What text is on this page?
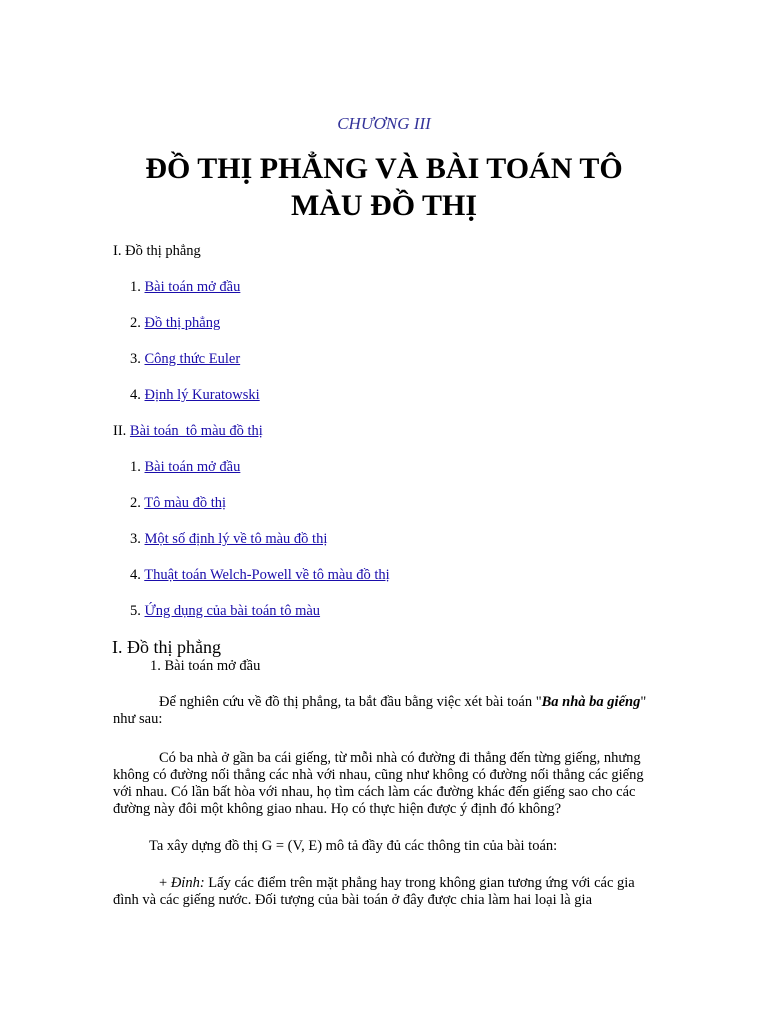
CHƯƠNG III
ĐỒ THỊ PHẲNG VÀ BÀI TOÁN TÔ
MÀU ĐỒ THỊ
I. Đồ thị phẳng
1. Bài toán mở đầu
2. Đồ thị phẳng
3. Công thức Euler
4. Định lý Kuratowski
II. Bài toán  tô màu đồ thị
1. Bài toán mở đầu
2. Tô màu đồ thị
3. Một số định lý về tô màu đồ thị
4. Thuật toán Welch-Powell về tô màu đồ thị
5. Ứng dụng của bài toán tô màu
I. Đồ thị phẳng
1. Bài toán mở đầu
Để nghiên cứu về đồ thị phẳng, ta bắt đầu bằng việc xét bài toán "Ba nhà ba giếng" như sau:
Có ba nhà ở gần ba cái giếng, từ mỗi nhà có đường đi thẳng đến từng giếng, nhưng không có đường nối thẳng các nhà với nhau, cũng như không có đường nối thẳng các giếng với nhau. Có lần bất hòa với nhau, họ tìm cách làm các đường khác đến giếng sao cho các đường này đôi một không giao nhau. Họ có thực hiện được ý định đó không?
Ta xây dựng đồ thị G = (V, E) mô tả đầy đủ các thông tin của bài toán:
+ Đỉnh: Lấy các điểm trên mặt phẳng hay trong không gian tương ứng với các gia đình và các giếng nước. Đối tượng của bài toán ở đây được chia làm hai loại là gia
